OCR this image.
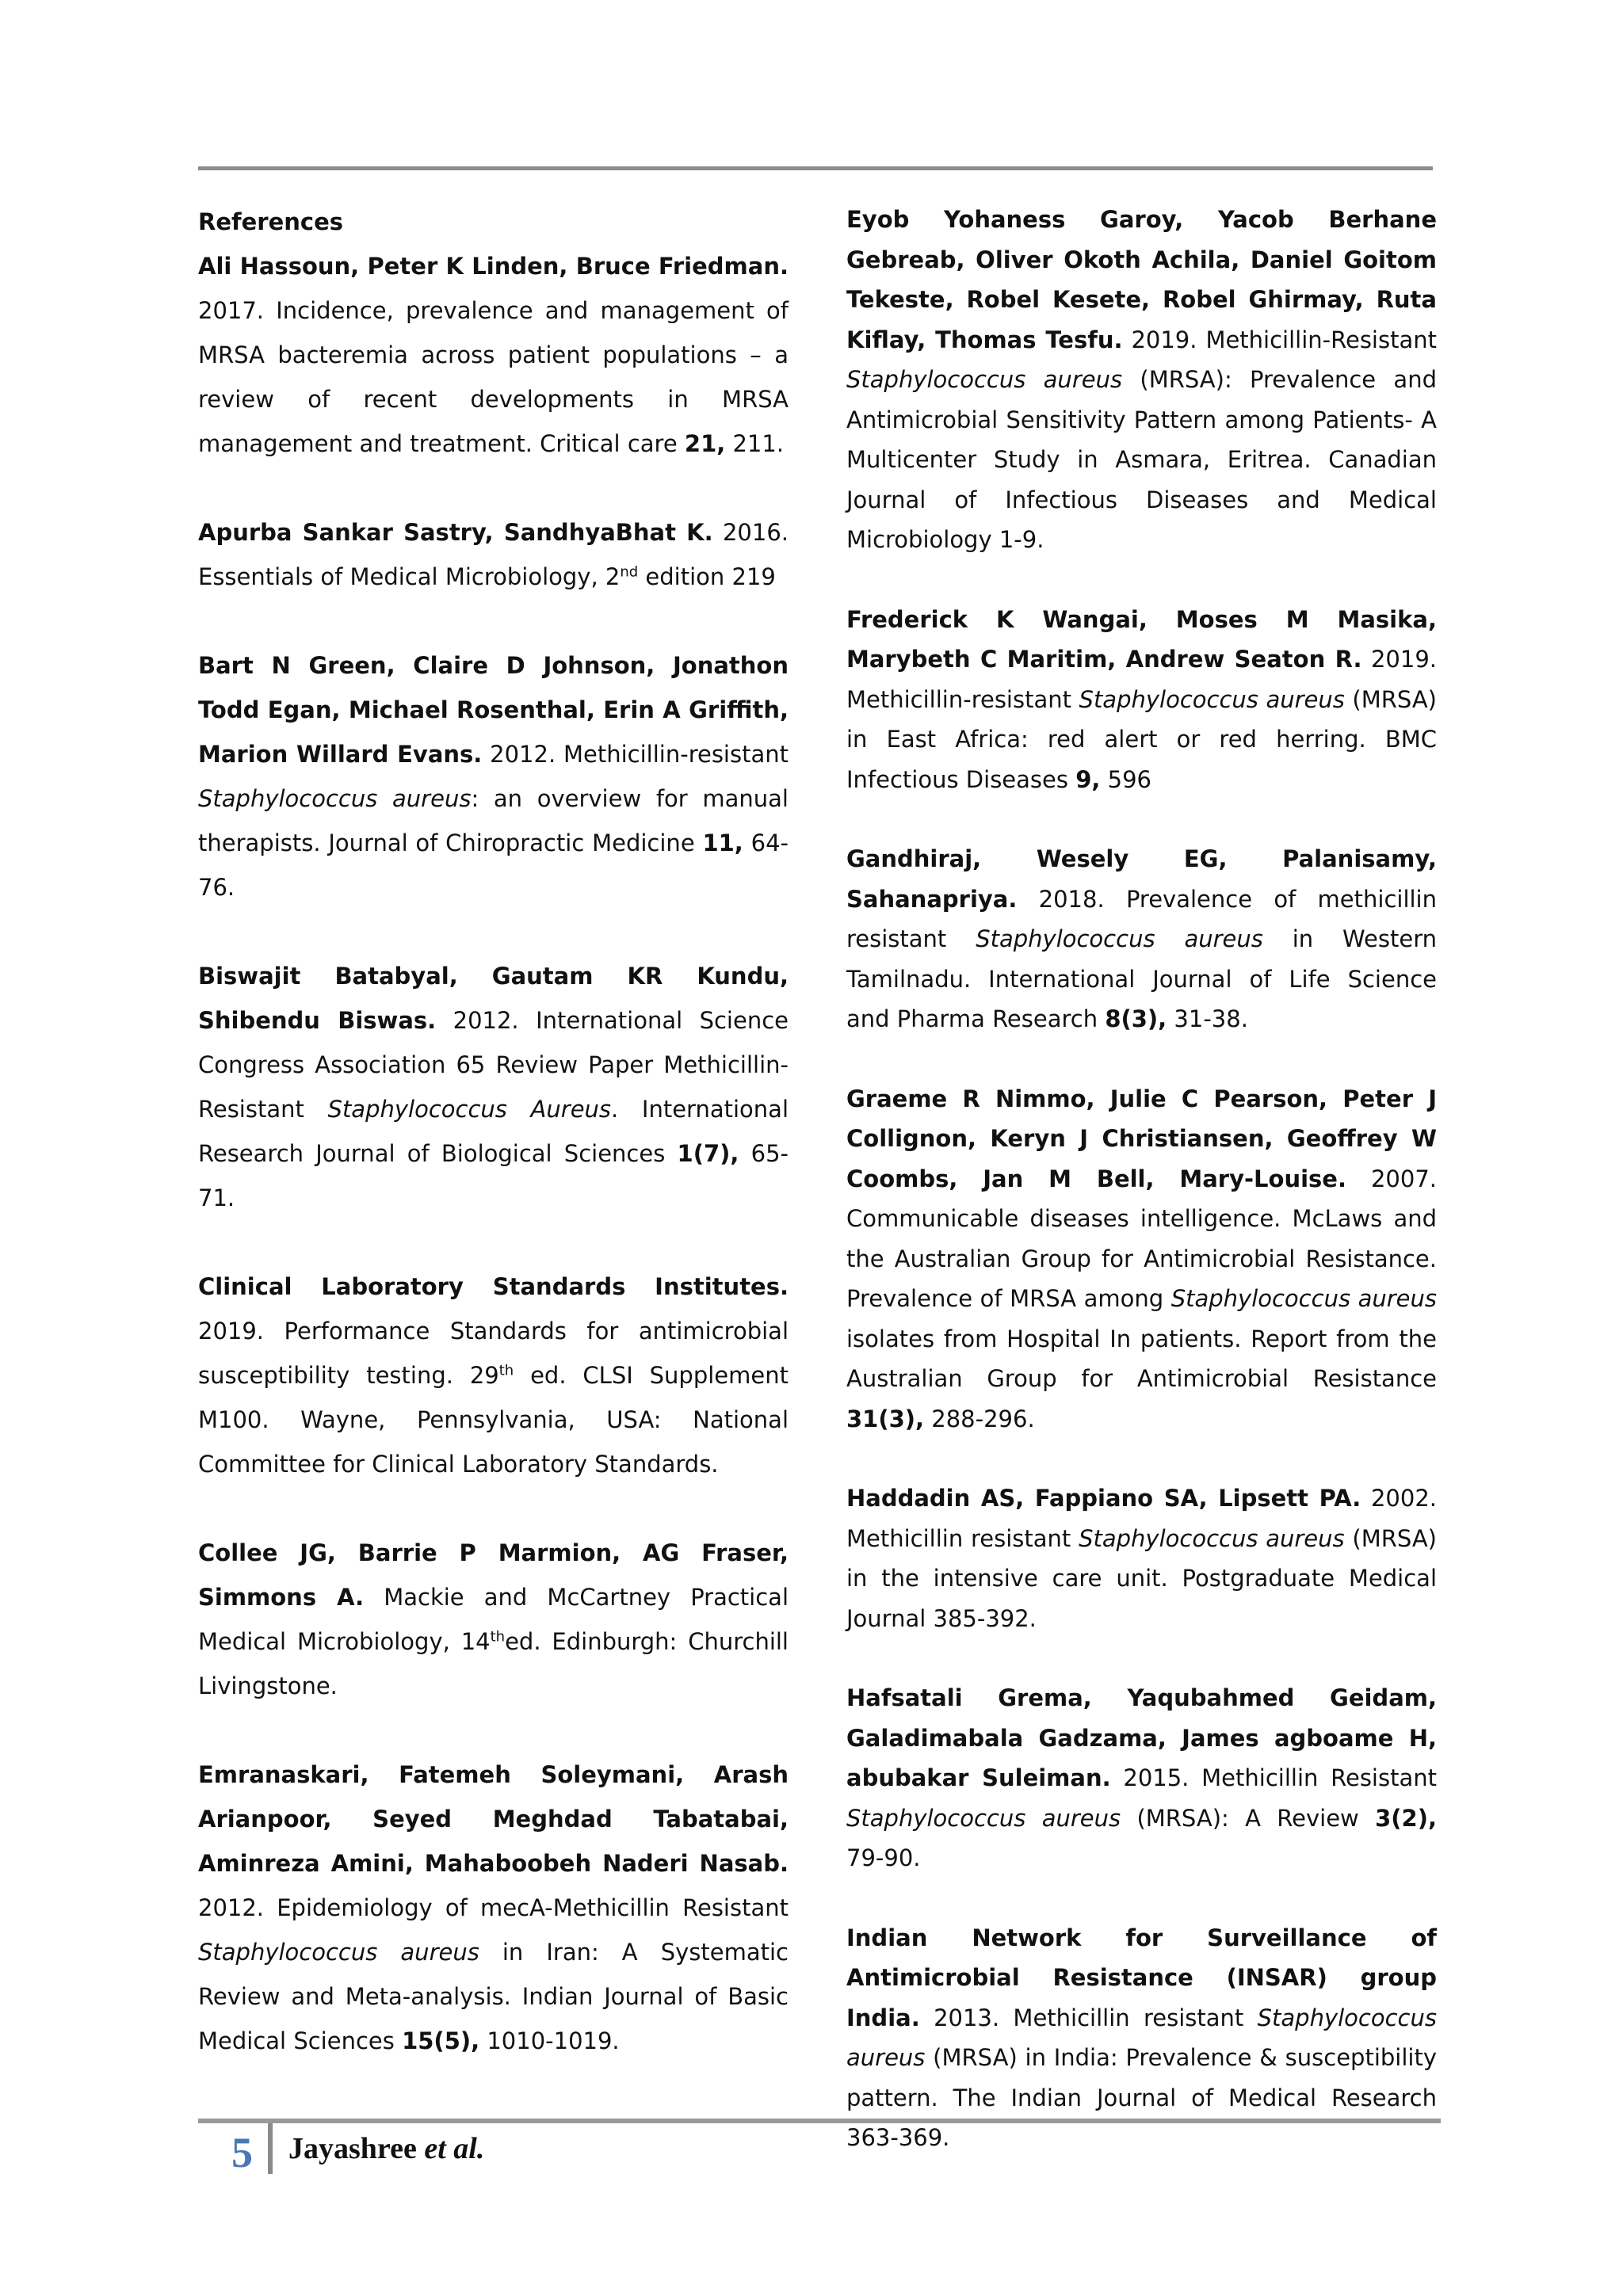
References

Ali Hassoun, Peter K Linden, Bruce Friedman. 2017. Incidence, prevalence and management of MRSA bacteremia across patient populations – a review of recent developments in MRSA management and treatment. Critical care 21, 211.

Apurba Sankar Sastry, SandhyaBhat K. 2016. Essentials of Medical Microbiology, 2nd edition 219

Bart N Green, Claire D Johnson, Jonathon Todd Egan, Michael Rosenthal, Erin A Griffith, Marion Willard Evans. 2012. Methicillin-resistant Staphylococcus aureus: an overview for manual therapists. Journal of Chiropractic Medicine 11, 64-76.

Biswajit Batabyal, Gautam KR Kundu, Shibendu Biswas. 2012. International Science Congress Association 65 Review Paper Methicillin-Resistant Staphylococcus Aureus. International Research Journal of Biological Sciences 1(7), 65-71.

Clinical Laboratory Standards Institutes. 2019. Performance Standards for antimicrobial susceptibility testing. 29th ed. CLSI Supplement M100. Wayne, Pennsylvania, USA: National Committee for Clinical Laboratory Standards.

Collee JG, Barrie P Marmion, AG Fraser, Simmons A. Mackie and McCartney Practical Medical Microbiology, 14thed. Edinburgh: Churchill Livingstone.

Emranaskari, Fatemeh Soleymani, Arash Arianpoor, Seyed Meghdad Tabatabai, Aminreza Amini, Mahaboobeh Naderi Nasab. 2012. Epidemiology of mecA-Methicillin Resistant Staphylococcus aureus in Iran: A Systematic Review and Meta-analysis. Indian Journal of Basic Medical Sciences 15(5), 1010-1019.

Eyob Yohaness Garoy, Yacob Berhane Gebreab, Oliver Okoth Achila, Daniel Goitom Tekeste, Robel Kesete, Robel Ghirmay, Ruta Kiflay, Thomas Tesfu. 2019. Methicillin-Resistant Staphylococcus aureus (MRSA): Prevalence and Antimicrobial Sensitivity Pattern among Patients- A Multicenter Study in Asmara, Eritrea. Canadian Journal of Infectious Diseases and Medical Microbiology 1-9.

Frederick K Wangai, Moses M Masika, Marybeth C Maritim, Andrew Seaton R. 2019. Methicillin-resistant Staphylococcus aureus (MRSA) in East Africa: red alert or red herring. BMC Infectious Diseases 9, 596

Gandhiraj, Wesely EG, Palanisamy, Sahanapriya. 2018. Prevalence of methicillin resistant Staphylococcus aureus in Western Tamilnadu. International Journal of Life Science and Pharma Research 8(3), 31-38.

Graeme R Nimmo, Julie C Pearson, Peter J Collignon, Keryn J Christiansen, Geoffrey W Coombs, Jan M Bell, Mary-Louise. 2007. Communicable diseases intelligence. McLaws and the Australian Group for Antimicrobial Resistance. Prevalence of MRSA among Staphylococcus aureus isolates from Hospital In patients. Report from the Australian Group for Antimicrobial Resistance 31(3), 288-296.

Haddadin AS, Fappiano SA, Lipsett PA. 2002. Methicillin resistant Staphylococcus aureus (MRSA) in the intensive care unit. Postgraduate Medical Journal 385-392.

Hafsatali Grema, Yaqubahmed Geidam, Galadimabala Gadzama, James agboame H, abubakar Suleiman. 2015. Methicillin Resistant Staphylococcus aureus (MRSA): A Review 3(2), 79-90.

Indian Network for Surveillance of Antimicrobial Resistance (INSAR) group India. 2013. Methicillin resistant Staphylococcus aureus (MRSA) in India: Prevalence & susceptibility pattern. The Indian Journal of Medical Research 363-369.

5 Jayashree et al.
